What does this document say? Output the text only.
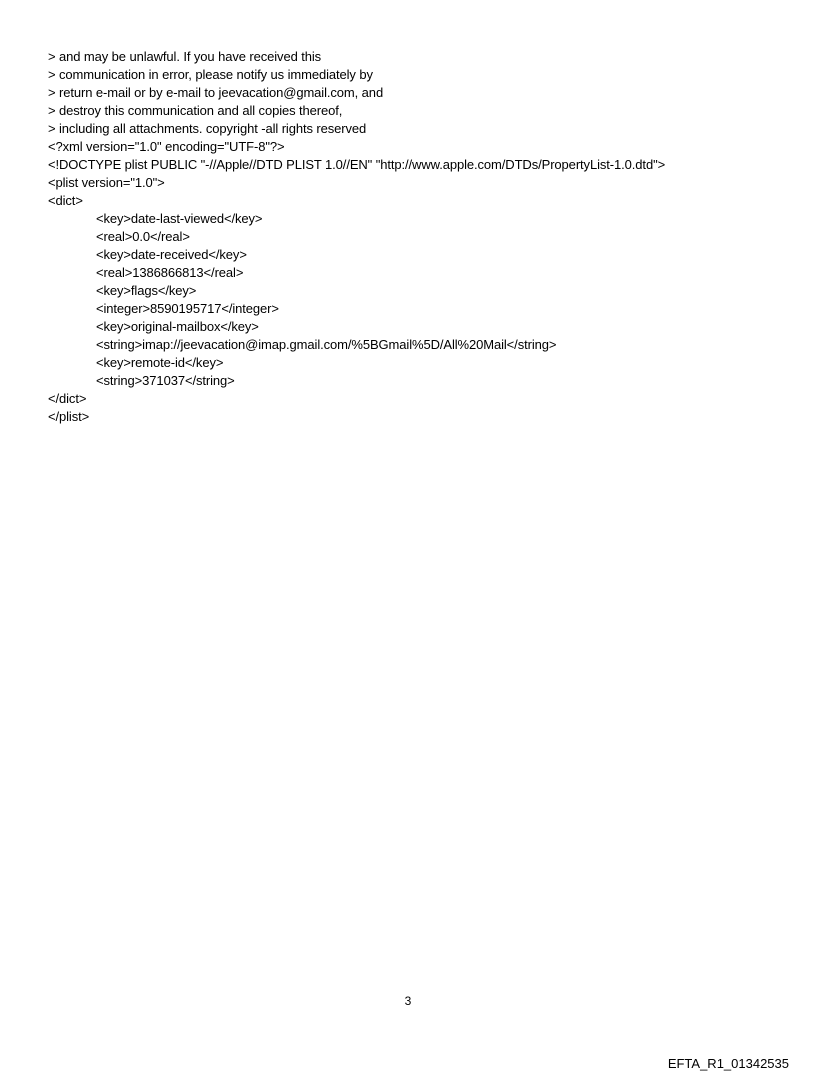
> and may be unlawful. If you have received this
> communication in error, please notify us immediately by
> return e-mail or by e-mail to jeevacation@gmail.com, and
> destroy this communication and all copies thereof,
> including all attachments. copyright -all rights reserved
<?xml version="1.0" encoding="UTF-8"?>
<!DOCTYPE plist PUBLIC "-//Apple//DTD PLIST 1.0//EN" "http://www.apple.com/DTDs/PropertyList-1.0.dtd">
<plist version="1.0">
<dict>
<key>date-last-viewed</key>
<real>0.0</real>
<key>date-received</key>
<real>1386866813</real>
<key>flags</key>
<integer>8590195717</integer>
<key>original-mailbox</key>
<string>imap://jeevacation@imap.gmail.com/%5BGmail%5D/All%20Mail</string>
<key>remote-id</key>
<string>371037</string>
</dict>
</plist>
3
EFTA_R1_01342535
